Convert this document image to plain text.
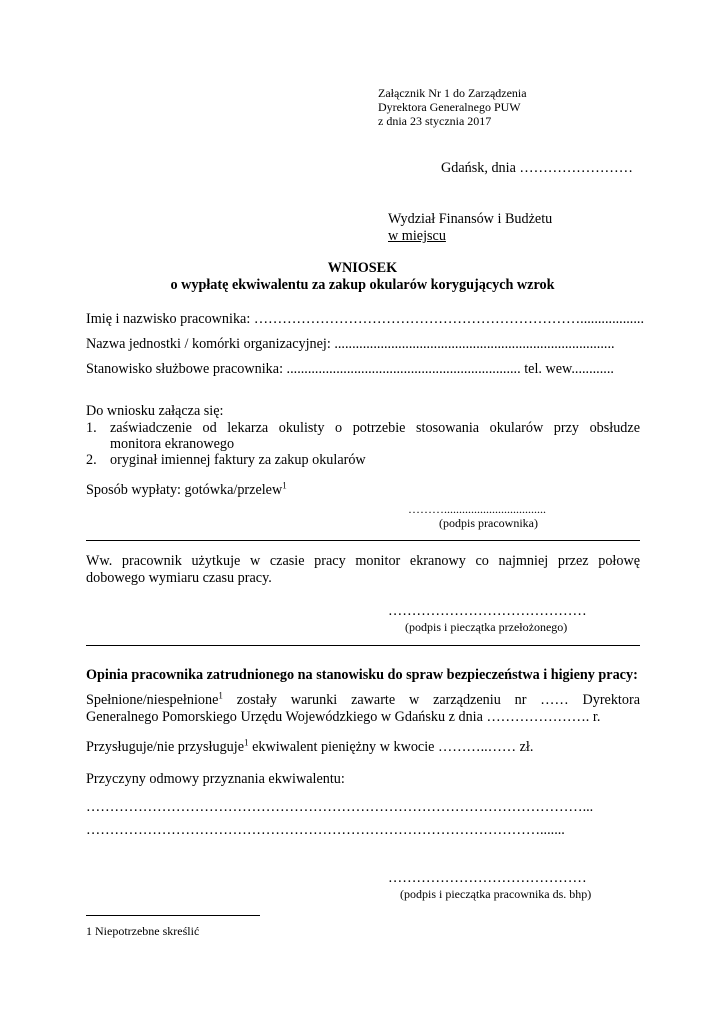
Załącznik Nr 1 do Zarządzenia
Dyrektora Generalnego PUW
z dnia 23 stycznia 2017
Gdańsk, dnia ……………………
Wydział Finansów i Budżetu
w miejscu
WNIOSEK
o wypłatę ekwiwalentu za zakup okularów korygujących wzrok
Imię i nazwisko pracownika: ……………………………………………………………..................
Nazwa jednostki / komórki organizacyjnej: ...............................................................................
Stanowisko służbowe pracownika: .................................................................. tel. wew............
Do wniosku załącza się:
1. zaświadczenie od lekarza okulisty o potrzebie stosowania okularów przy obsłudze
monitora ekranowego
2. oryginał imiennej faktury za zakup okularów
Sposób wypłaty: gotówka/przelew$^1$
………..................................
(podpis pracownika)
Ww. pracownik użytkuje w czasie pracy monitor ekranowy co najmniej przez połowę
dobowego wymiaru czasu pracy.
……………………………………
(podpis i pieczątka przełożonego)
Opinia pracownika zatrudnionego na stanowisku do spraw bezpieczeństwa i higieny pracy:
Spełnione/niespełnione$^1$ zostały warunki zawarte w zarządzeniu nr …… Dyrektora
Generalnego Pomorskiego Urzędu Wojewódzkiego w Gdańsku z dnia …………………. r.
Przysługuje/nie przysługuje$^1$ ekwiwalent pieniężny w kwocie ………..…… zł.
Przyczyny odmowy przyznania ekwiwalentu:
……………………………………………………………………………………………...
…………………………………………………………………………………….......
……………………………………
(podpis i pieczątka pracownika ds. bhp)
1 Niepotrzebne skreślić
